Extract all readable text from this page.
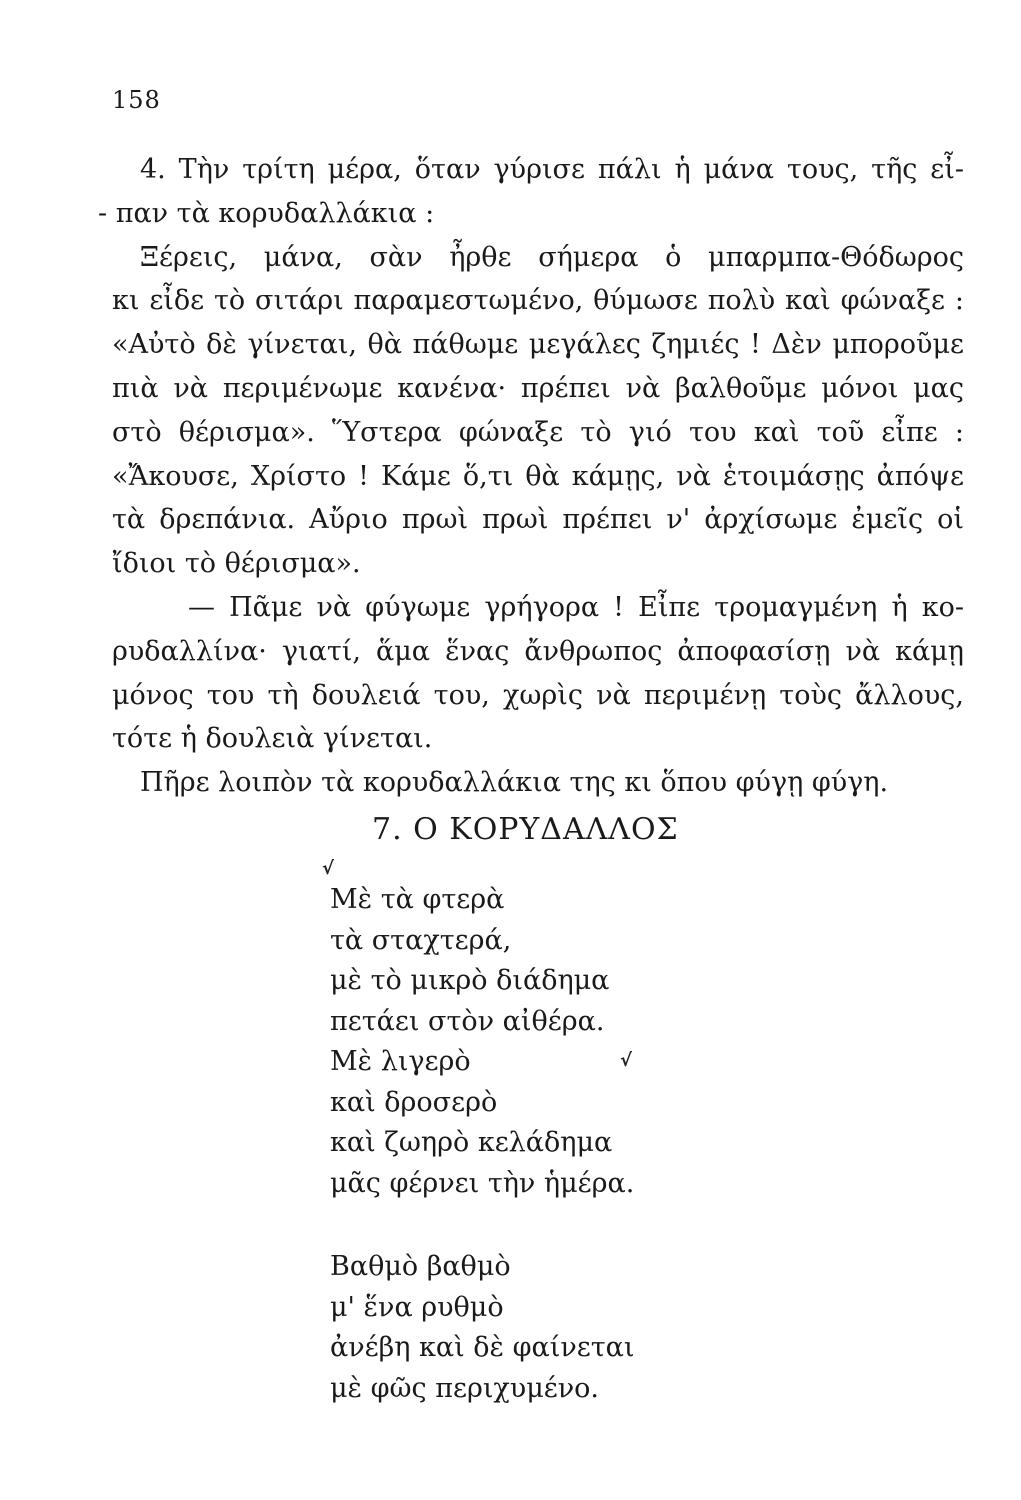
158
4. Τὴν τρίτη μέρα, ὅταν γύρισε πάλι ἡ μάνα τους, τῆς εἶ-
- παν τὰ κορυδαλλάκια :
Ξέρεις, μάνα, σὰν ἦρθε σήμερα ὁ μπαρμπα-Θόδωρος
κι εἶδε τὸ σιτάρι παραμεστωμένο, θύμωσε πολὺ καὶ φώναξε :
«Αὐτὸ δὲ γίνεται, θὰ πάθωμε μεγάλες ζημιές ! Δὲν μποροῦμε
πιὰ νὰ περιμένωμε κανένα· πρέπει νὰ βαλθοῦμε μόνοι μας
στὸ θέρισμα». Ὕστερα φώναξε τὸ γιό του καὶ τοῦ εἶπε :
«Ἄκουσε, Χρίστο ! Κάμε ὅ,τι θὰ κάμῃς, νὰ ἑτοιμάσῃς ἀπόψε
τὰ δρεπάνια. Αὔριο πρωὶ πρωὶ πρέπει ν' ἀρχίσωμε ἐμεῖς οἱ
ἴδιοι τὸ θέρισμα».
— Πᾶμε νὰ φύγωμε γρήγορα ! Εἶπε τρομαγμένη ἡ κο-
ρυδαλλίνα· γιατί, ἅμα ἕνας ἄνθρωπος ἀποφασίσῃ νὰ κάμῃ
μόνος του τὴ δουλειά του, χωρὶς νὰ περιμένῃ τοὺς ἄλλους,
τότε ἡ δουλειὰ γίνεται.
Πῆρε λοιπὸν τὰ κορυδαλλάκια της κι ὅπου φύγῃ φύγη.
7. Ο ΚΟΡΥΔΑΛΛΟΣ
√
√
Μὲ τὰ φτερὰ
τὰ σταχτερά,
μὲ τὸ μικρὸ διάδημα
πετάει στὸν αἰθέρα.
Μὲ λιγερὸ
καὶ δροσερὸ
καὶ ζωηρὸ κελάδημα
μᾶς φέρνει τὴν ἡμέρα.
Βαθμὸ βαθμὸ
μ' ἕνα ρυθμὸ
ἀνέβη καὶ δὲ φαίνεται
μὲ φῶς περιχυμένο.
